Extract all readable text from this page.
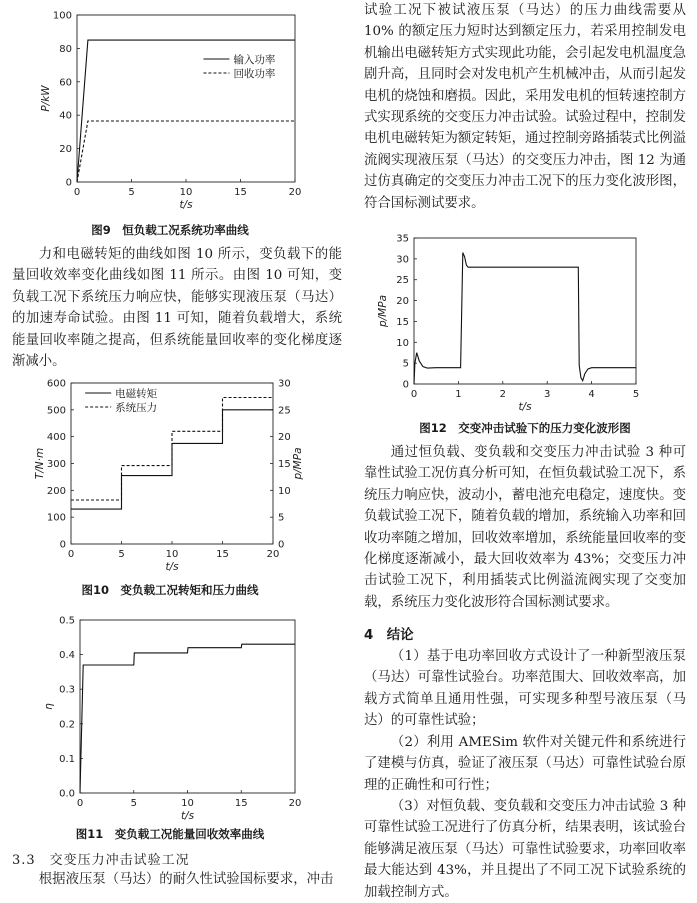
0	5	10	15	20
0
20
40
60
80
100
t/s
P/kW
输入功率
回收功率
图9　恒负载工况系统功率曲线
力和电磁转矩的曲线如图 10 所示，变负载下的能量回收效率变化曲线如图 11 所示。由图 10 可知，变负载工况下系统压力响应快，能够实现液压泵（马达）的加速寿命试验。由图 11 可知，随着负载增大，系统能量回收率随之提高，但系统能量回收率的变化梯度逐渐减小。
0	5	10	15	20
0
100
200
300
400
500
600
0
5
10
15
20
25
30
t/s
T/N·m	p/MPa
电磁转矩
系统压力
图10　变负载工况转矩和压力曲线
0	5	10	15	20
0.0
0.1
0.2
0.3
0.4
0.5
t/s
η
图11　变负载工况能量回收效率曲线
3.3　交变压力冲击试验工况
根据液压泵（马达）的耐久性试验国标要求，冲击
试验工况下被试液压泵（马达）的压力曲线需要从 10% 的额定压力短时达到额定压力，若采用控制发电机输出电磁转矩方式实现此功能，会引起发电机温度急剧升高，且同时会对发电机产生机械冲击，从而引起发电机的烧蚀和磨损。因此，采用发电机的恒转速控制方式实现系统的交变压力冲击试验。试验过程中，控制发电机电磁转矩为额定转矩，通过控制旁路插装式比例溢流阀实现液压泵（马达）的交变压力冲击，图 12 为通过仿真确定的交变压力冲击工况下的压力变化波形图，符合国标测试要求。
0	1	2	3	4	5
0
5
10
15
20
25
30
35
t/s
p/MPa
图12　交变冲击试验下的压力变化波形图
通过恒负载、变负载和交变压力冲击试验 3 种可靠性试验工况仿真分析可知，在恒负载试验工况下，系统压力响应快，波动小，蓄电池充电稳定，速度快。变负载试验工况下，随着负载的增加，系统输入功率和回收功率随之增加，回收效率增加，系统能量回收率的变化梯度逐渐减小，最大回收效率为 43%；交变压力冲击试验工况下，利用插装式比例溢流阀实现了交变加载，系统压力变化波形符合国标测试要求。
4　结论
（1）基于电功率回收方式设计了一种新型液压泵（马达）可靠性试验台。功率范围大、回收效率高，加载方式简单且通用性强，可实现多种型号液压泵（马达）的可靠性试验；
（2）利用 AMESim 软件对关键元件和系统进行了建模与仿真，验证了液压泵（马达）可靠性试验台原理的正确性和可行性；
（3）对恒负载、变负载和交变压力冲击试验 3 种可靠性试验工况进行了仿真分析，结果表明，该试验台能够满足液压泵（马达）可靠性试验要求，功率回收率最大能达到 43%，并且提出了不同工况下试验系统的加载控制方式。
